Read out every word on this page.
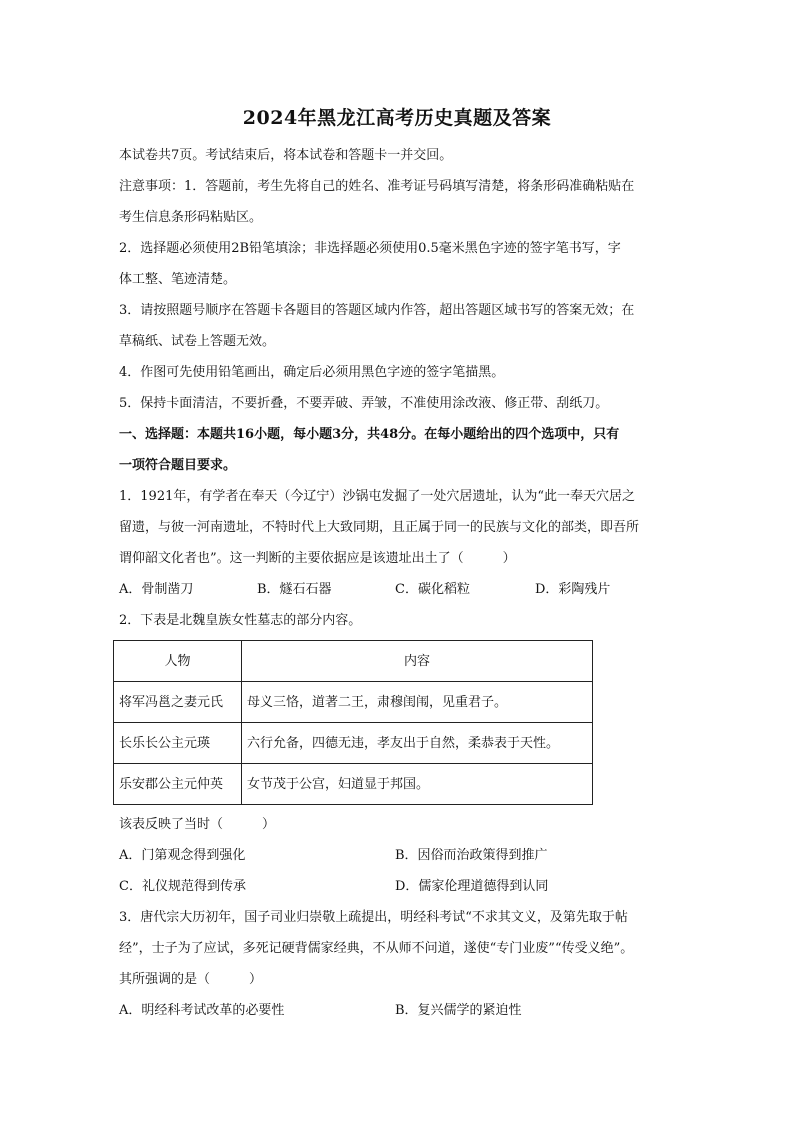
2024年黑龙江高考历史真题及答案

本试卷共7页。考试结束后，将本试卷和答题卡一并交回。

注意事项：1．答题前，考生先将自己的姓名、准考证号码填写清楚，将条形码准确粘贴在

考生信息条形码粘贴区。

2．选择题必须使用2B铅笔填涂；非选择题必须使用0.5毫米黑色字迹的签字笔书写，字

体工整、笔迹清楚。

3．请按照题号顺序在答题卡各题目的答题区域内作答，超出答题区域书写的答案无效；在

草稿纸、试卷上答题无效。

4．作图可先使用铅笔画出，确定后必须用黑色字迹的签字笔描黑。

5．保持卡面清洁，不要折叠，不要弄破、弄皱，不准使用涂改液、修正带、刮纸刀。

一、选择题：本题共16小题，每小题3分，共48分。在每小题给出的四个选项中，只有

一项符合题目要求。

1．1921年，有学者在奉天（今辽宁）沙锅屯发掘了一处穴居遗址，认为“此一奉天穴居之

留遗，与彼一河南遗址，不特时代上大致同期，且正属于同一的民族与文化的部类，即吾所

谓仰韶文化者也”。这一判断的主要依据应是该遗址出土了（　　　）

A．骨制凿刀	B．燧石石器	C．碳化稻粒	D．彩陶残片

2．下表是北魏皇族女性墓志的部分内容。

人物	内容
将军冯邕之妻元氏	母义三恪，道著二王，肃穆闺闱，见重君子。
长乐长公主元瑛	六行允备，四德无违，孝友出于自然，柔恭表于天性。
乐安郡公主元仲英	女节茂于公宫，妇道显于邦国。

该表反映了当时（　　　）

A．门第观念得到强化	B．因俗而治政策得到推广
C．礼仪规范得到传承	D．儒家伦理道德得到认同

3．唐代宗大历初年，国子司业归崇敬上疏提出，明经科考试“不求其文义，及第先取于帖

经”，士子为了应试，多死记硬背儒家经典，不从师不问道，遂使“专门业废”“传受义绝”。

其所强调的是（　　　）

A．明经科考试改革的必要性	B．复兴儒学的紧迫性
